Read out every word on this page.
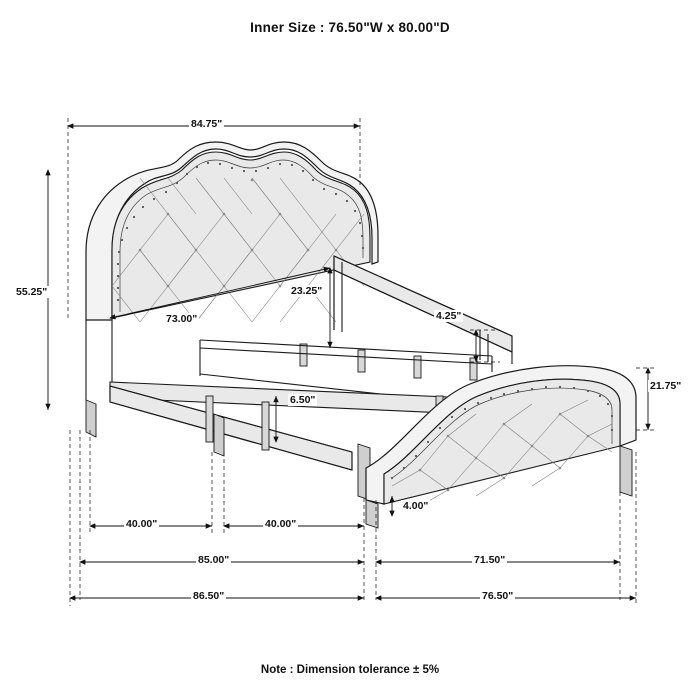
Inner Size : 76.50"W x 80.00"D
84.75"
55.25"
73.00"
23.25"
4.25"
21.75"
6.50"
4.00"
40.00"	40.00"
85.00"	71.50"
86.50"	76.50"
Note : Dimension tolerance ± 5%
